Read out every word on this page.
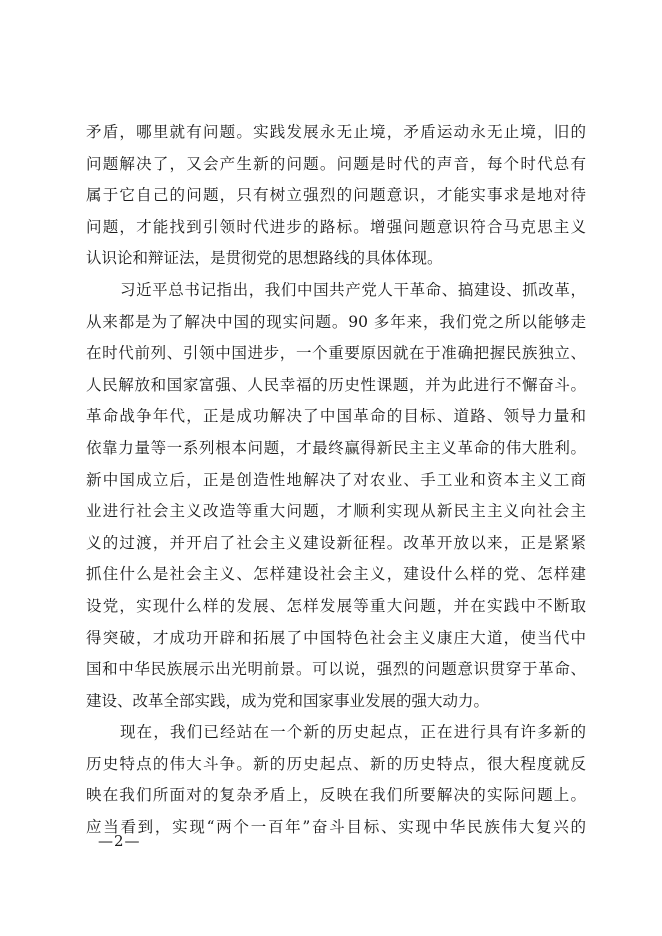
矛盾，哪里就有问题。实践发展永无止境，矛盾运动永无止境，旧的
问题解决了，又会产生新的问题。问题是时代的声音，每个时代总有
属于它自己的问题，只有树立强烈的问题意识，才能实事求是地对待
问题，才能找到引领时代进步的路标。增强问题意识符合马克思主义
认识论和辩证法，是贯彻党的思想路线的具体体现。
习近平总书记指出，我们中国共产党人干革命、搞建设、抓改革，
从来都是为了解决中国的现实问题。90 多年来，我们党之所以能够走
在时代前列、引领中国进步，一个重要原因就在于准确把握民族独立、
人民解放和国家富强、人民幸福的历史性课题，并为此进行不懈奋斗。
革命战争年代，正是成功解决了中国革命的目标、道路、领导力量和
依靠力量等一系列根本问题，才最终赢得新民主主义革命的伟大胜利。
新中国成立后，正是创造性地解决了对农业、手工业和资本主义工商
业进行社会主义改造等重大问题，才顺利实现从新民主主义向社会主
义的过渡，并开启了社会主义建设新征程。改革开放以来，正是紧紧
抓住什么是社会主义、怎样建设社会主义，建设什么样的党、怎样建
设党，实现什么样的发展、怎样发展等重大问题，并在实践中不断取
得突破，才成功开辟和拓展了中国特色社会主义康庄大道，使当代中
国和中华民族展示出光明前景。可以说，强烈的问题意识贯穿于革命、
建设、改革全部实践，成为党和国家事业发展的强大动力。
现在，我们已经站在一个新的历史起点，正在进行具有许多新的
历史特点的伟大斗争。新的历史起点、新的历史特点，很大程度就反
映在我们所面对的复杂矛盾上，反映在我们所要解决的实际问题上。
应当看到，实现“两个一百年”奋斗目标、实现中华民族伟大复兴的
—2—
